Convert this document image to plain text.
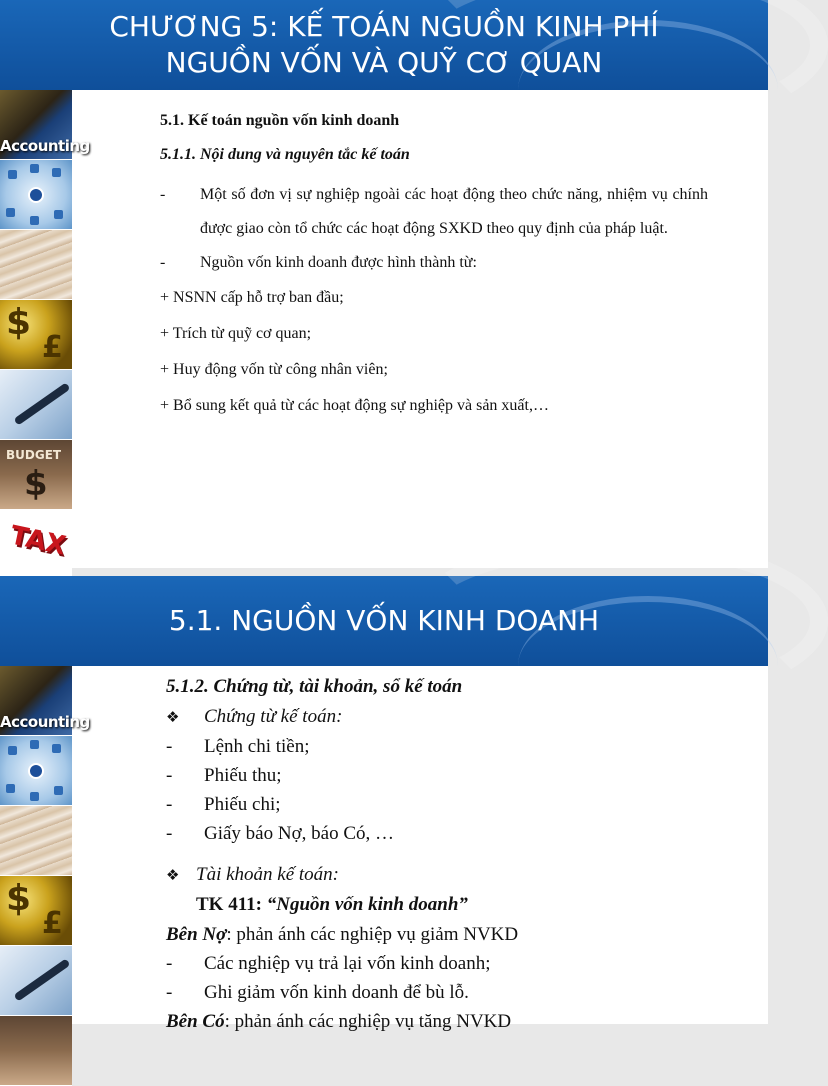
CHƯƠNG 5: KẾ TOÁN NGUỒN KINH PHÍ
NGUỒN VỐN VÀ QUỸ CƠ QUAN
Accounting
$
£
BUDGET
$
TAX
5.1. Kế toán nguồn vốn kinh doanh
5.1.1. Nội dung và nguyên tắc kế toán
-	Một số đơn vị sự nghiệp ngoài các hoạt động theo chức năng, nhiệm vụ chính được giao còn tổ chức các hoạt động SXKD theo quy định của pháp luật.
-	Nguồn vốn kinh doanh được hình thành từ:
+ NSNN cấp hỗ trợ ban đầu;
+ Trích từ quỹ cơ quan;
+ Huy động vốn từ công nhân viên;
+ Bổ sung kết quả từ các hoạt động sự nghiệp và sản xuất,…
5.1. NGUỒN VỐN KINH DOANH
Accounting
$
£
5.1.2. Chứng từ, tài khoản, sổ kế toán
❖	Chứng từ kế toán:
-	Lệnh chi tiền;
-	Phiếu thu;
-	Phiếu chi;
-	Giấy báo Nợ, báo Có, …
❖ Tài khoản kế toán:
TK 411: “Nguồn vốn kinh doanh”
Bên Nợ: phản ánh các nghiệp vụ giảm NVKD
-	Các nghiệp vụ trả lại vốn kinh doanh;
-	Ghi giảm vốn kinh doanh để bù lỗ.
Bên Có: phản ánh các nghiệp vụ tăng NVKD
